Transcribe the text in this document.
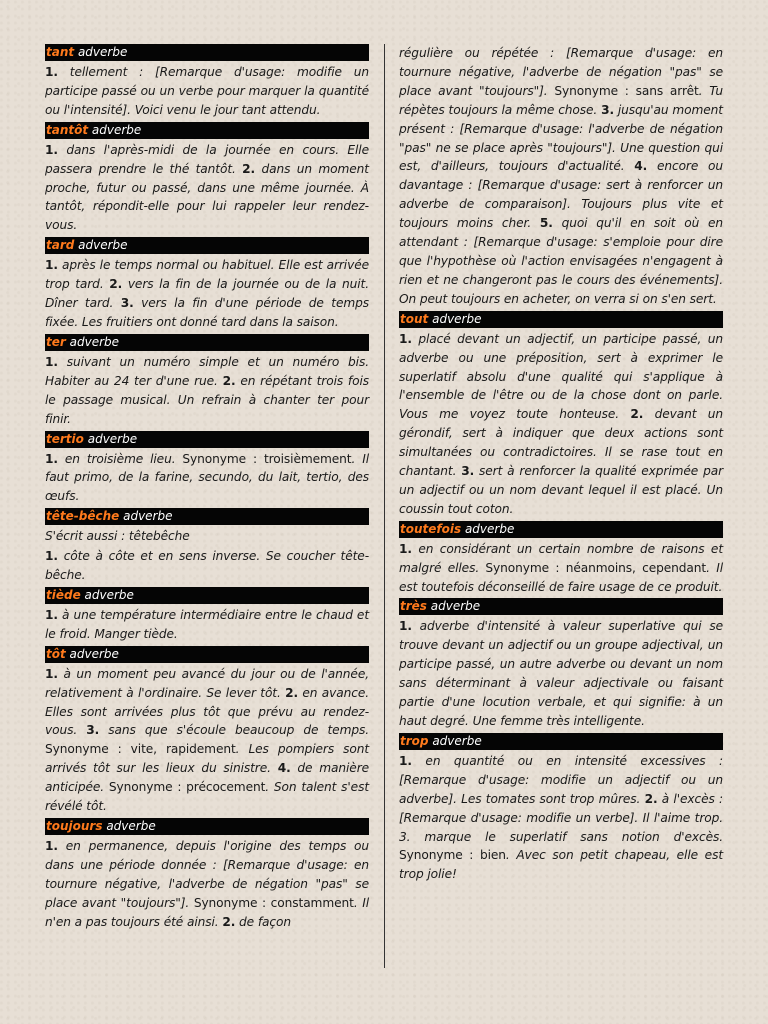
tant adverbe

1. tellement : [Remarque d'usage: modifie un participe passé ou un verbe pour marquer la quantité ou l'intensité]. Voici venu le jour tant attendu.

tantôt adverbe

1. dans l'après-midi de la journée en cours. Elle passera prendre le thé tantôt. 2. dans un moment proche, futur ou passé, dans une même journée. À tantôt, répondit-elle pour lui rappeler leur rendez-vous.

tard adverbe

1. après le temps normal ou habituel. Elle est arrivée trop tard. 2. vers la fin de la journée ou de la nuit. Dîner tard. 3. vers la fin d'une période de temps fixée. Les fruitiers ont donné tard dans la saison.

ter adverbe

1. suivant un numéro simple et un numéro bis. Habiter au 24 ter d'une rue. 2. en répétant trois fois le passage musical. Un refrain à chanter ter pour finir.

tertio adverbe

1. en troisième lieu. Synonyme : troisièmement. Il faut primo, de la farine, secundo, du lait, tertio, des œufs.

tête-bêche adverbe

S'écrit aussi : têtebêche

1. côte à côte et en sens inverse. Se coucher tête-bêche.

tiède adverbe

1. à une température intermédiaire entre le chaud et le froid. Manger tiède.

tôt adverbe

1. à un moment peu avancé du jour ou de l'année, relativement à l'ordinaire. Se lever tôt. 2. en avance. Elles sont arrivées plus tôt que prévu au rendez-vous. 3. sans que s'écoule beaucoup de temps. Synonyme : vite, rapidement. Les pompiers sont arrivés tôt sur les lieux du sinistre. 4. de manière anticipée. Synonyme : précocement. Son talent s'est révélé tôt.

toujours adverbe

1. en permanence, depuis l'origine des temps ou dans une période donnée : [Remarque d'usage: en tournure négative, l'adverbe de négation "pas" se place avant "toujours"]. Synonyme : constamment. Il n'en a pas toujours été ainsi. 2. de façon

régulière ou répétée : [Remarque d'usage: en tournure négative, l'adverbe de négation "pas" se place avant "toujours"]. Synonyme : sans arrêt. Tu répètes toujours la même chose. 3. jusqu'au moment présent : [Remarque d'usage: l'adverbe de négation "pas" ne se place après "toujours"]. Une question qui est, d'ailleurs, toujours d'actualité. 4. encore ou davantage : [Remarque d'usage: sert à renforcer un adverbe de comparaison]. Toujours plus vite et toujours moins cher. 5. quoi qu'il en soit où en attendant : [Remarque d'usage: s'emploie pour dire que l'hypothèse où l'action envisagées n'engagent à rien et ne changeront pas le cours des événements]. On peut toujours en acheter, on verra si on s'en sert.

tout adverbe

1. placé devant un adjectif, un participe passé, un adverbe ou une préposition, sert à exprimer le superlatif absolu d'une qualité qui s'applique à l'ensemble de l'être ou de la chose dont on parle. Vous me voyez toute honteuse. 2. devant un gérondif, sert à indiquer que deux actions sont simultanées ou contradictoires. Il se rase tout en chantant. 3. sert à renforcer la qualité exprimée par un adjectif ou un nom devant lequel il est placé. Un coussin tout coton.

toutefois adverbe

1. en considérant un certain nombre de raisons et malgré elles. Synonyme : néanmoins, cependant. Il est toutefois déconseillé de faire usage de ce produit.

très adverbe

1. adverbe d'intensité à valeur superlative qui se trouve devant un adjectif ou un groupe adjectival, un participe passé, un autre adverbe ou devant un nom sans déterminant à valeur adjectivale ou faisant partie d'une locution verbale, et qui signifie: à un haut degré. Une femme très intelligente.

trop adverbe

1. en quantité ou en intensité excessives : [Remarque d'usage: modifie un adjectif ou un adverbe]. Les tomates sont trop mûres. 2. à l'excès : [Remarque d'usage: modifie un verbe]. Il l'aime trop. 3. marque le superlatif sans notion d'excès. Synonyme : bien. Avec son petit chapeau, elle est trop jolie!
